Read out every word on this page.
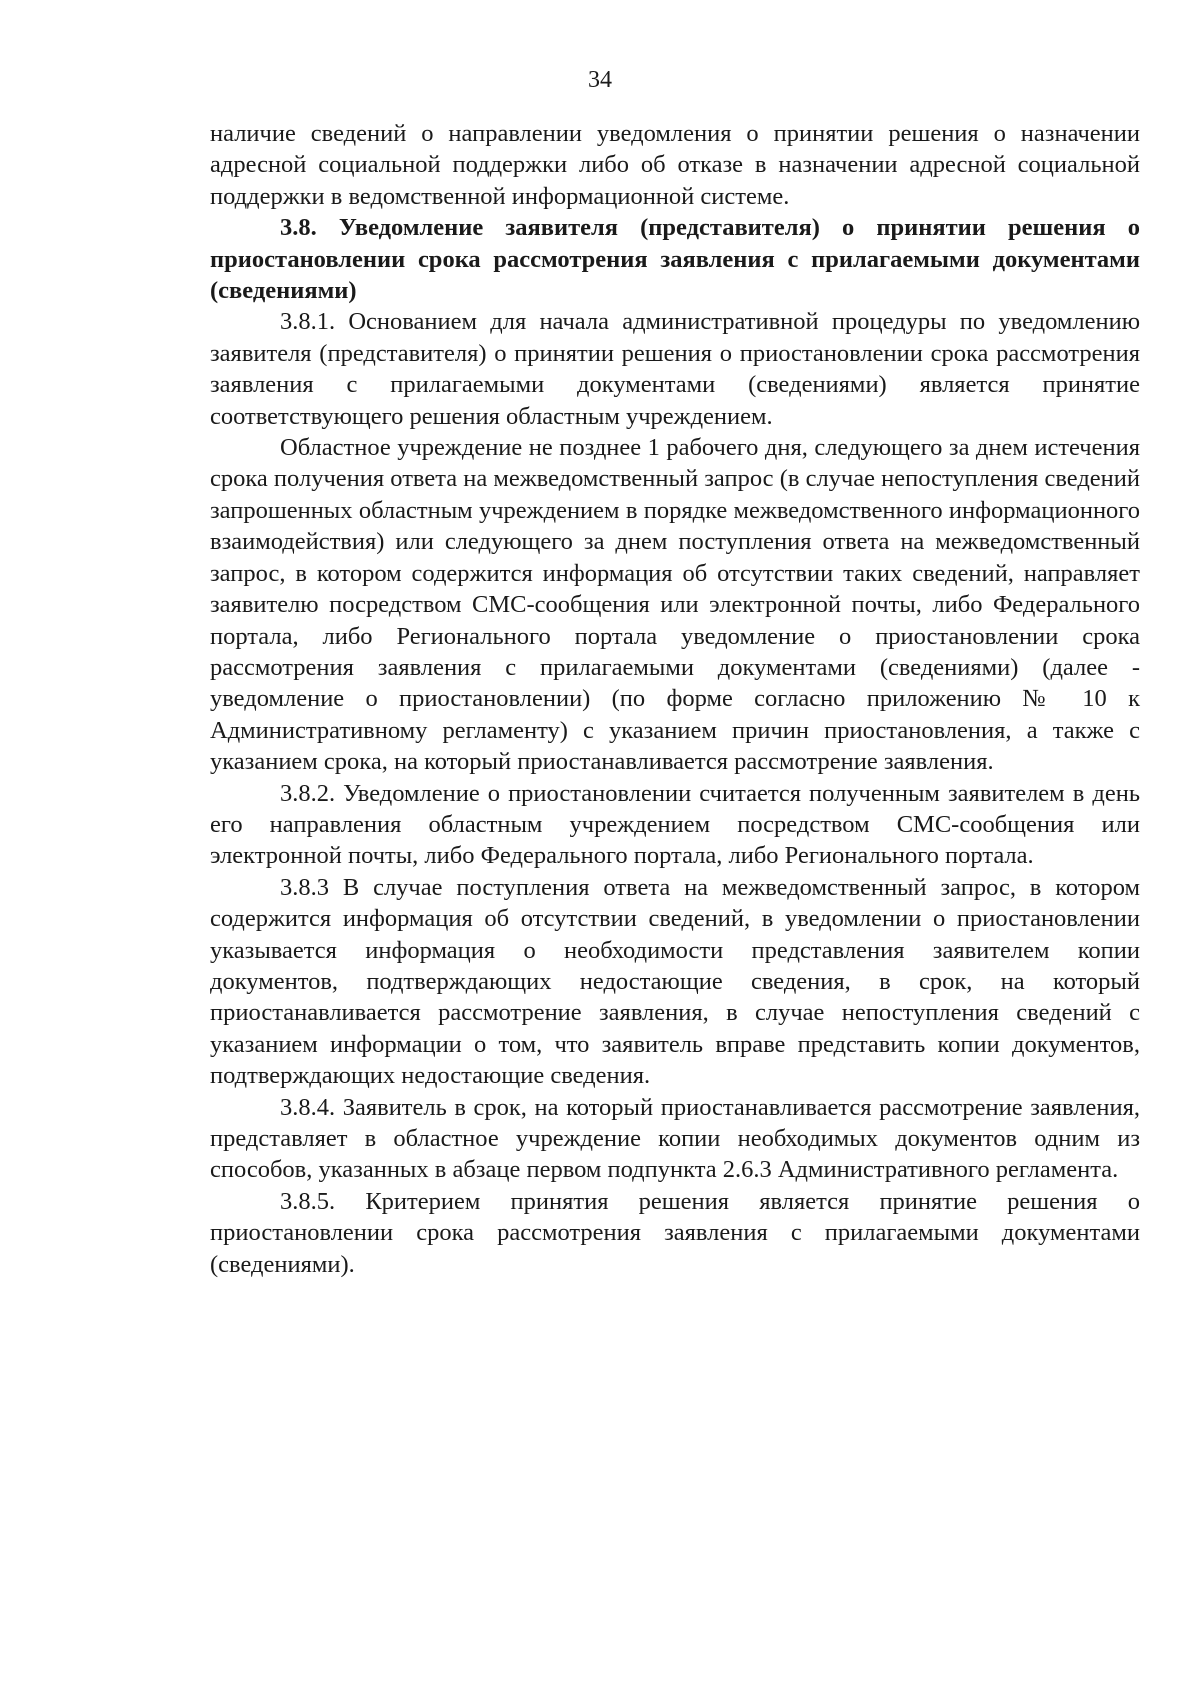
34

наличие сведений о направлении уведомления о принятии решения о назначении адресной социальной поддержки либо об отказе в назначении адресной социальной поддержки в ведомственной информационной системе.

3.8. Уведомление заявителя (представителя) о принятии решения о приостановлении срока рассмотрения заявления с прилагаемыми документами (сведениями)

3.8.1. Основанием для начала административной процедуры по уведомлению заявителя (представителя) о принятии решения о приостановлении срока рассмотрения заявления с прилагаемыми документами (сведениями) является принятие соответствующего решения областным учреждением.

Областное учреждение не позднее 1 рабочего дня, следующего за днем истечения срока получения ответа на межведомственный запрос (в случае непоступления сведений запрошенных областным учреждением в порядке межведомственного информационного взаимодействия) или следующего за днем поступления ответа на межведомственный запрос, в котором содержится информация об отсутствии таких сведений, направляет заявителю посредством СМС-сообщения или электронной почты, либо Федерального портала, либо Регионального портала уведомление о приостановлении срока рассмотрения заявления с прилагаемыми документами (сведениями) (далее - уведомление о приостановлении) (по форме согласно приложению № 10 к Административному регламенту) с указанием причин приостановления, а также с указанием срока, на который приостанавливается рассмотрение заявления.

3.8.2. Уведомление о приостановлении считается полученным заявителем в день его направления областным учреждением посредством СМС-сообщения или электронной почты, либо Федерального портала, либо Регионального портала.

3.8.3 В случае поступления ответа на межведомственный запрос, в котором содержится информация об отсутствии сведений, в уведомлении о приостановлении указывается информация о необходимости представления заявителем копии документов, подтверждающих недостающие сведения, в срок, на который приостанавливается рассмотрение заявления, в случае непоступления сведений с указанием информации о том, что заявитель вправе представить копии документов, подтверждающих недостающие сведения.

3.8.4. Заявитель в срок, на который приостанавливается рассмотрение заявления, представляет в областное учреждение копии необходимых документов одним из способов, указанных в абзаце первом подпункта 2.6.3 Административного регламента.

3.8.5. Критерием принятия решения является принятие решения о приостановлении срока рассмотрения заявления с прилагаемыми документами (сведениями).
